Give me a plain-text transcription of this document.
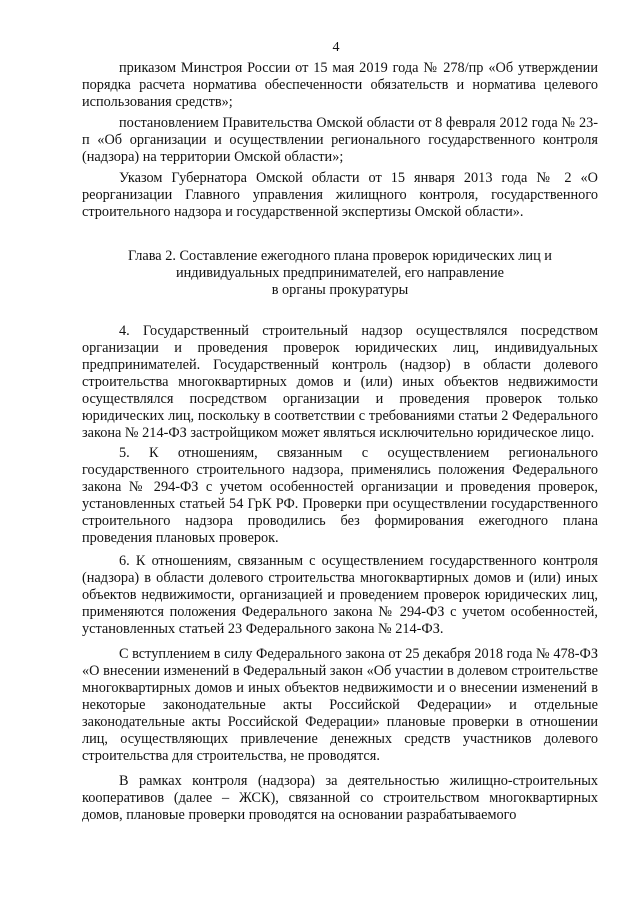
4

приказом Минстроя России от 15 мая 2019 года № 278/пр «Об утверждении порядка расчета норматива обеспеченности обязательств и норматива целевого использования средств»;

постановлением Правительства Омской области от 8 февраля 2012 года № 23-п «Об организации и осуществлении регионального государственного контроля (надзора) на территории Омской области»;

Указом Губернатора Омской области от 15 января 2013 года № 2 «О реорганизации Главного управления жилищного контроля, государственного строительного надзора и государственной экспертизы Омской области».

Глава 2. Составление ежегодного плана проверок юридических лиц и
индивидуальных предпринимателей, его направление
в органы прокуратуры

4. Государственный строительный надзор осуществлялся посредством организации и проведения проверок юридических лиц, индивидуальных предпринимателей. Государственный контроль (надзор) в области долевого строительства многоквартирных домов и (или) иных объектов недвижимости осуществлялся посредством организации и проведения проверок только юридических лиц, поскольку в соответствии с требованиями статьи 2 Федерального закона № 214-ФЗ застройщиком может являться исключительно юридическое лицо.

5. К отношениям, связанным с осуществлением регионального государственного строительного надзора, применялись положения Федерального закона № 294-ФЗ с учетом особенностей организации и проведения проверок, установленных статьей 54 ГрК РФ. Проверки при осуществлении государственного строительного надзора проводились без формирования ежегодного плана проведения плановых проверок.

6. К отношениям, связанным с осуществлением государственного контроля (надзора) в области долевого строительства многоквартирных домов и (или) иных объектов недвижимости, организацией и проведением проверок юридических лиц, применяются положения Федерального закона № 294-ФЗ с учетом особенностей, установленных статьей 23 Федерального закона № 214-ФЗ.

С вступлением в силу Федерального закона от 25 декабря 2018 года № 478-ФЗ «О внесении изменений в Федеральный закон «Об участии в долевом строительстве многоквартирных домов и иных объектов недвижимости и о внесении изменений в некоторые законодательные акты Российской Федерации» и отдельные законодательные акты Российской Федерации» плановые проверки в отношении лиц, осуществляющих привлечение денежных средств участников долевого строительства для строительства, не проводятся.

В рамках контроля (надзора) за деятельностью жилищно-строительных кооперативов (далее – ЖСК), связанной со строительством многоквартирных домов, плановые проверки проводятся на основании разрабатываемого
